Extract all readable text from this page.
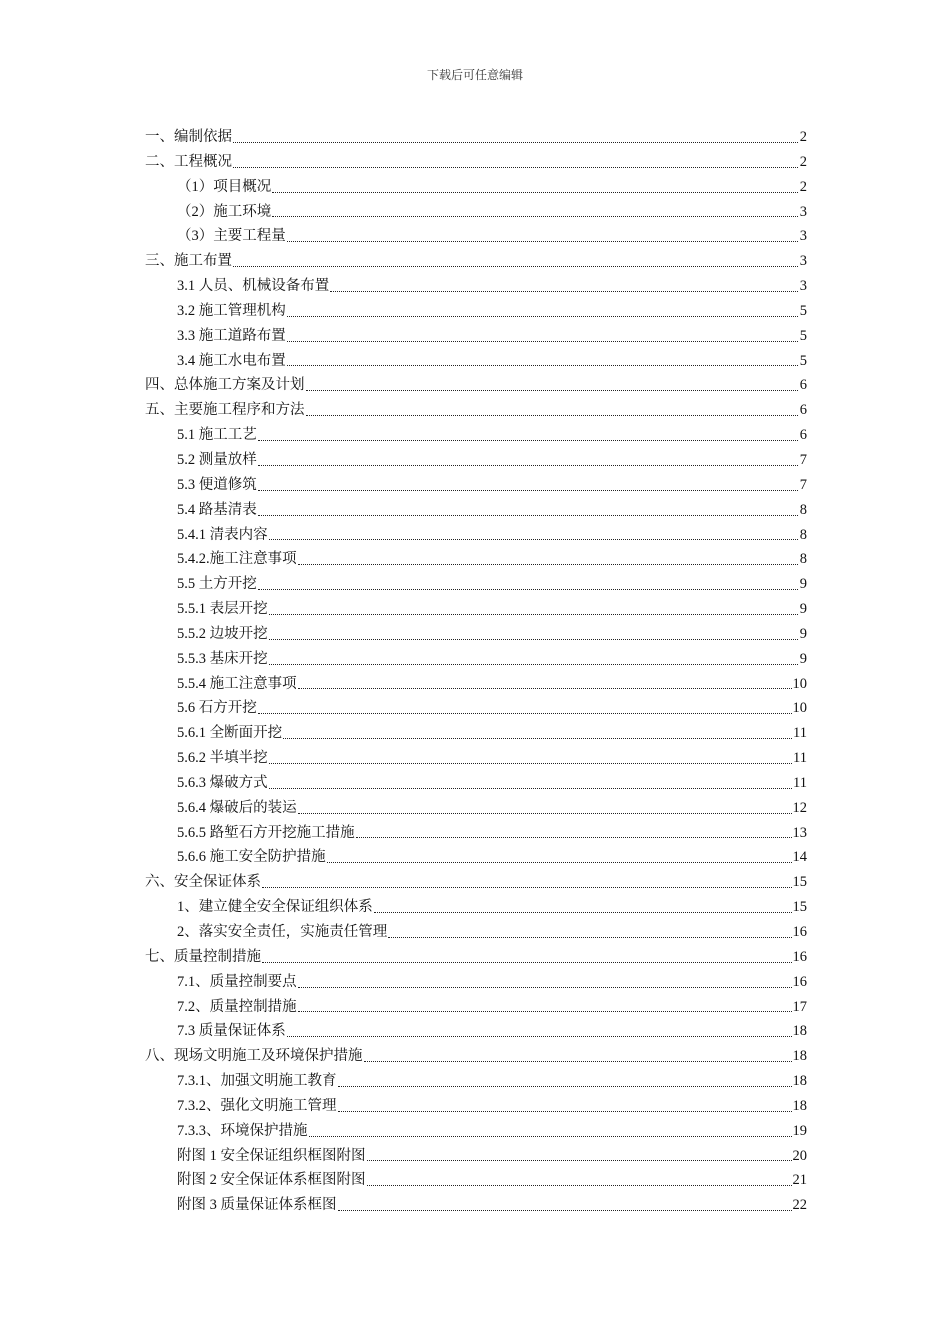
下载后可任意编辑
一、编制依据	2
二、工程概况	2
（1）项目概况	2
（2）施工环境	3
（3）主要工程量	3
三、施工布置	3
3.1 人员、机械设备布置	3
3.2 施工管理机构	5
3.3 施工道路布置	5
3.4 施工水电布置	5
四、总体施工方案及计划	6
五、主要施工程序和方法	6
5.1 施工工艺	6
5.2 测量放样	7
5.3 便道修筑	7
5.4 路基清表	8
5.4.1 清表内容	8
5.4.2.施工注意事项	8
5.5 土方开挖	9
5.5.1 表层开挖	9
5.5.2 边坡开挖	9
5.5.3 基床开挖	9
5.5.4 施工注意事项	10
5.6 石方开挖	10
5.6.1 全断面开挖	11
5.6.2 半填半挖	11
5.6.3 爆破方式	11
5.6.4 爆破后的装运	12
5.6.5 路堑石方开挖施工措施	13
5.6.6 施工安全防护措施	14
六、安全保证体系	15
1、建立健全安全保证组织体系	15
2、落实安全责任，实施责任管理	16
七、质量控制措施	16
7.1、质量控制要点	16
7.2、质量控制措施	17
7.3 质量保证体系	18
八、现场文明施工及环境保护措施	18
7.3.1、加强文明施工教育	18
7.3.2、强化文明施工管理	18
7.3.3、环境保护措施	19
附图 1 安全保证组织框图附图	20
附图 2 安全保证体系框图附图	21
附图 3 质量保证体系框图	22
